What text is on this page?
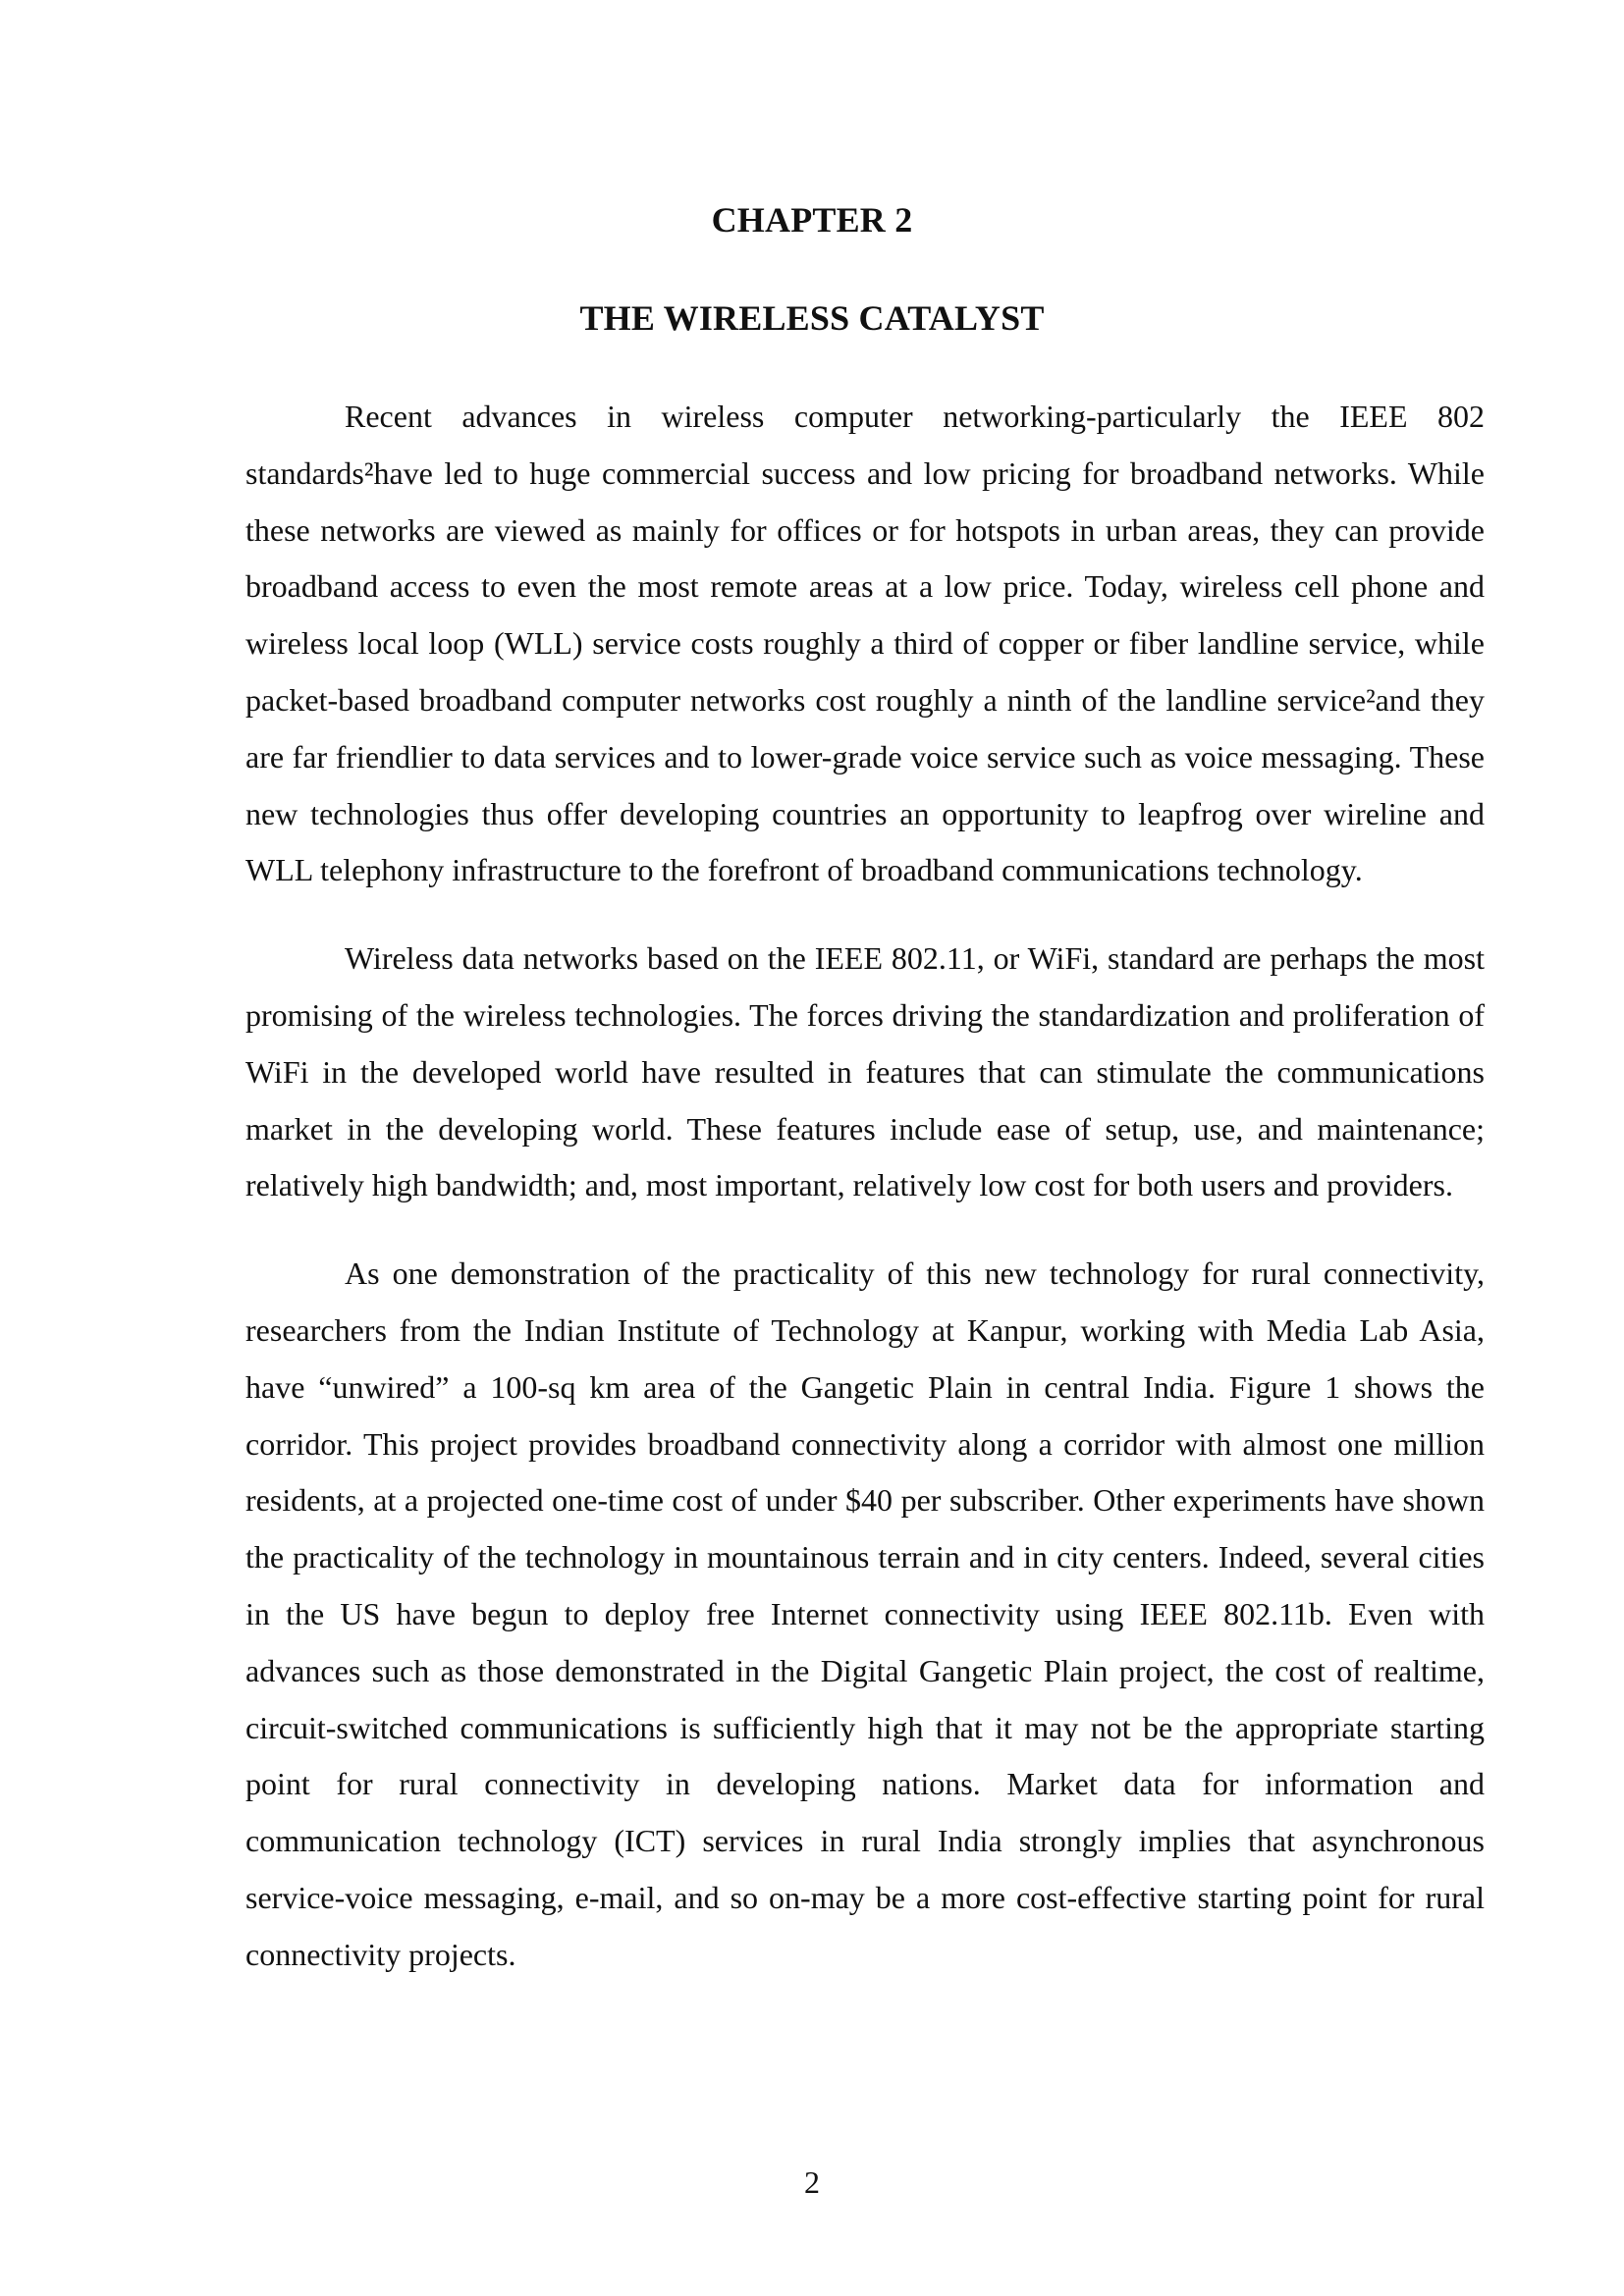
CHAPTER 2
THE WIRELESS CATALYST

Recent advances in wireless computer networking-particularly the IEEE 802 standards²have led to huge commercial success and low pricing for broadband networks. While these networks are viewed as mainly for offices or for hotspots in urban areas, they can provide broadband access to even the most remote areas at a low price. Today, wireless cell phone and wireless local loop (WLL) service costs roughly a third of copper or fiber landline service, while packet-based broadband computer networks cost roughly a ninth of the landline service²and they are far friendlier to data services and to lower-grade voice service such as voice messaging. These new technologies thus offer developing countries an opportunity to leapfrog over wireline and WLL telephony infrastructure to the forefront of broadband communications technology.

Wireless data networks based on the IEEE 802.11, or WiFi, standard are perhaps the most promising of the wireless technologies. The forces driving the standardization and proliferation of WiFi in the developed world have resulted in features that can stimulate the communications market in the developing world. These features include ease of setup, use, and maintenance; relatively high bandwidth; and, most important, relatively low cost for both users and providers.

As one demonstration of the practicality of this new technology for rural connectivity, researchers from the Indian Institute of Technology at Kanpur, working with Media Lab Asia, have “unwired” a 100-sq km area of the Gangetic Plain in central India. Figure 1 shows the corridor. This project provides broadband connectivity along a corridor with almost one million residents, at a projected one-time cost of under $40 per subscriber. Other experiments have shown the practicality of the technology in mountainous terrain and in city centers. Indeed, several cities in the US have begun to deploy free Internet connectivity using IEEE 802.11b. Even with advances such as those demonstrated in the Digital Gangetic Plain project, the cost of realtime, circuit-switched communications is sufficiently high that it may not be the appropriate starting point for rural connectivity in developing nations. Market data for information and communication technology (ICT) services in rural India strongly implies that asynchronous service-voice messaging, e-mail, and so on-may be a more cost-effective starting point for rural connectivity projects.

2
